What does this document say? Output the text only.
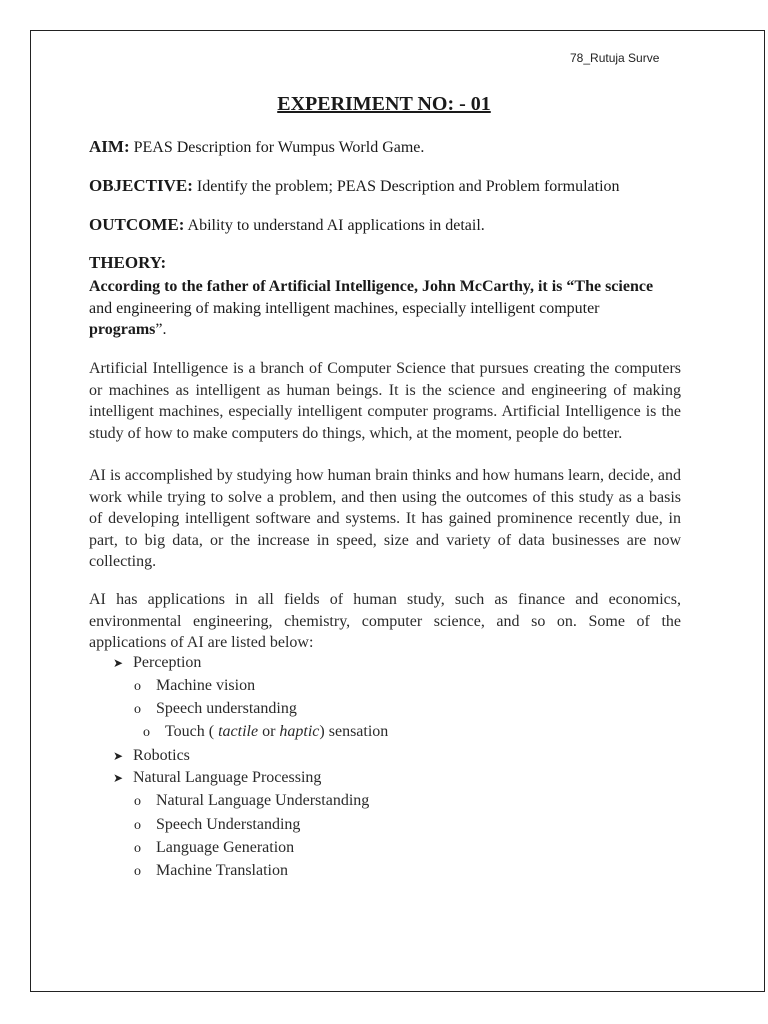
78_Rutuja Surve
EXPERIMENT NO: - 01
AIM: PEAS Description for Wumpus World Game.
OBJECTIVE: Identify the problem; PEAS Description and Problem formulation
OUTCOME: Ability to understand AI applications in detail.
THEORY:
According to the father of Artificial Intelligence, John McCarthy, it is “The science
and engineering of making intelligent machines, especially intelligent computer
programs”.
Artificial Intelligence is a branch of Computer Science that pursues creating the computers or machines as intelligent as human beings. It is the science and engineering of making intelligent machines, especially intelligent computer programs. Artificial Intelligence is the study of how to make computers do things, which, at the moment, people do better.
AI is accomplished by studying how human brain thinks and how humans learn, decide, and work while trying to solve a problem, and then using the outcomes of this study as a basis of developing intelligent software and systems. It has gained prominence recently due, in part, to big data, or the increase in speed, size and variety of data businesses are now collecting.
AI has applications in all fields of human study, such as finance and economics, environmental engineering, chemistry, computer science, and so on. Some of the applications of AI are listed below:
➤ Perception
o Machine vision
o Speech understanding
o Touch ( tactile or haptic) sensation
➤ Robotics
➤ Natural Language Processing
o Natural Language Understanding
o Speech Understanding
o Language Generation
o Machine Translation
